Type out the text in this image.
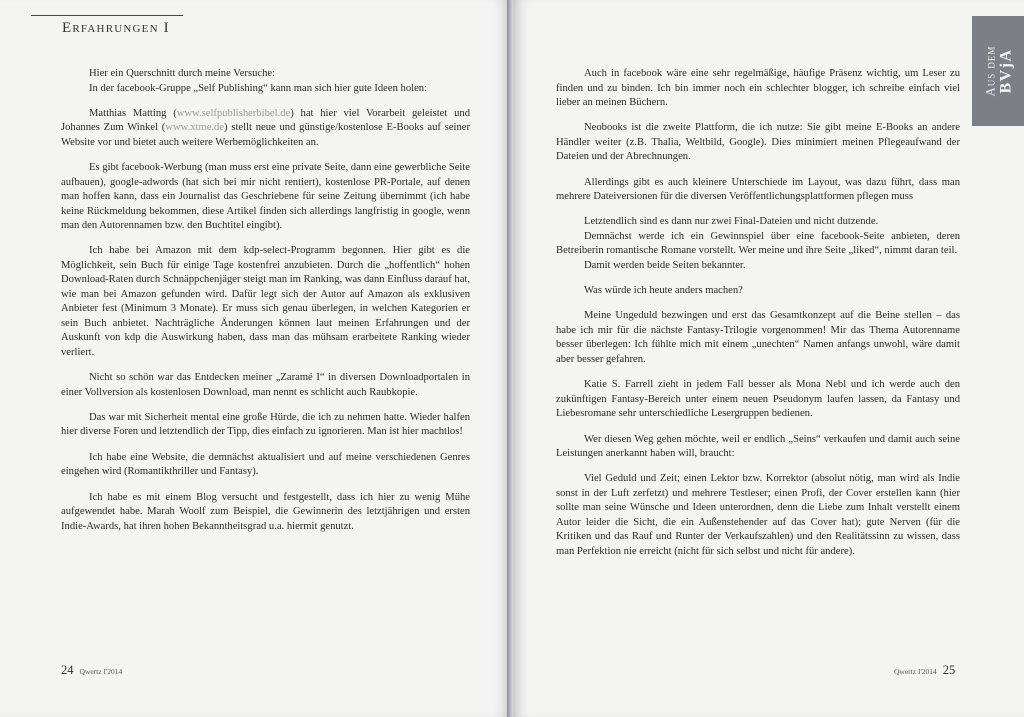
Erfahrungen I

Hier ein Querschnitt durch meine Versuche:

In der facebook-Gruppe „Self Publishing“ kann man sich hier gute Ideen holen:

Matthias Matting (www.selfpublisherbibel.de) hat hier viel Vorarbeit geleistet und Johannes Zum Winkel (www.xtme.de) stellt neue und günstige/kostenlose E-Books auf seiner Website vor und bietet auch weitere Werbemöglichkeiten an.

Es gibt facebook-Werbung (man muss erst eine private Seite, dann eine gewerbliche Seite aufbauen), google-adwords (hat sich bei mir nicht rentiert), kostenlose PR-Portale, auf denen man hoffen kann, dass ein Journalist das Geschriebene für seine Zeitung übernimmt (ich habe keine Rückmeldung bekommen, diese Artikel finden sich allerdings langfristig in google, wenn man den Autorennamen bzw. den Buchtitel eingibt).

Ich habe bei Amazon mit dem kdp-select-Programm begonnen. Hier gibt es die Möglichkeit, sein Buch für einige Tage kostenfrei anzubieten. Durch die „hoffentlich“ hohen Download-Raten durch Schnäppchenjäger steigt man im Ranking, was dann Einfluss darauf hat, wie man bei Amazon gefunden wird. Dafür legt sich der Autor auf Amazon als exklusiven Anbieter fest (Minimum 3 Monate). Er muss sich genau überlegen, in welchen Kategorien er sein Buch anbietet. Nachträgliche Änderungen können laut meinen Erfahrungen und der Auskunft von kdp die Auswirkung haben, dass man das mühsam erarbeitete Ranking wieder verliert.

Nicht so schön war das Entdecken meiner „Zaramé I“ in diversen Downloadportalen in einer Vollversion als kostenlosen Download, man nennt es schlicht auch Raubkopie.

Das war mit Sicherheit mental eine große Hürde, die ich zu nehmen hatte. Wieder halfen hier diverse Foren und letztendlich der Tipp, dies einfach zu ignorieren. Man ist hier machtlos!

Ich habe eine Website, die demnächst aktualisiert und auf meine verschiedenen Genres eingehen wird (Romantikthriller und Fantasy).

Ich habe es mit einem Blog versucht und festgestellt, dass ich hier zu wenig Mühe aufgewendet habe. Marah Woolf zum Beispiel, die Gewinnerin des letztjährigen und ersten Indie-Awards, hat ihren hohen Bekanntheitsgrad u.a. hiermit genutzt.

24 Qwertz I'2014

Auch in facebook wäre eine sehr regelmäßige, häufige Präsenz wichtig, um Leser zu finden und zu binden. Ich bin immer noch ein schlechter blogger, ich schreibe einfach viel lieber an meinen Büchern.

Neobooks ist die zweite Plattform, die ich nutze: Sie gibt meine E-Books an andere Händler weiter (z.B. Thalia, Weltbild, Google). Dies minimiert meinen Pflegeaufwand der Dateien und der Abrechnungen.

Allerdings gibt es auch kleinere Unterschiede im Layout, was dazu führt, dass man mehrere Dateiversionen für die diversen Veröffentlichungsplattformen pflegen muss

Letztendlich sind es dann nur zwei Final-Dateien und nicht dutzende.

Demnächst werde ich ein Gewinnspiel über eine facebook-Seite anbieten, deren Betreiberin romantische Romane vorstellt. Wer meine und ihre Seite „liked“, nimmt daran teil.

Damit werden beide Seiten bekannter.

Was würde ich heute anders machen?

Meine Ungeduld bezwingen und erst das Gesamtkonzept auf die Beine stellen – das habe ich mir für die nächste Fantasy-Trilogie vorgenommen! Mir das Thema Autorenname besser überlegen: Ich fühlte mich mit einem „unechten“ Namen anfangs unwohl, wäre damit aber besser gefahren.

Katie S. Farrell zieht in jedem Fall besser als Mona Nebl und ich werde auch den zukünftigen Fantasy-Bereich unter einem neuen Pseudonym laufen lassen, da Fantasy und Liebesromane sehr unterschiedliche Lesergruppen bedienen.

Wer diesen Weg gehen möchte, weil er endlich „Seins“ verkaufen und damit auch seine Leistungen anerkannt haben will, braucht:

Viel Geduld und Zeit; einen Lektor bzw. Korrektor (absolut nötig, man wird als Indie sonst in der Luft zerfetzt) und mehrere Testleser; einen Profi, der Cover erstellen kann (hier sollte man seine Wünsche und Ideen unterordnen, denn die Liebe zum Inhalt verstellt einem Autor leider die Sicht, die ein Außenstehender auf das Cover hat); gute Nerven (für die Kritiken und das Rauf und Runter der Verkaufszahlen) und den Realitätssinn zu wissen, dass man Perfektion nie erreicht (nicht für sich selbst und nicht für andere).

Qwertz I'2014 25
Aus dem BVjA
